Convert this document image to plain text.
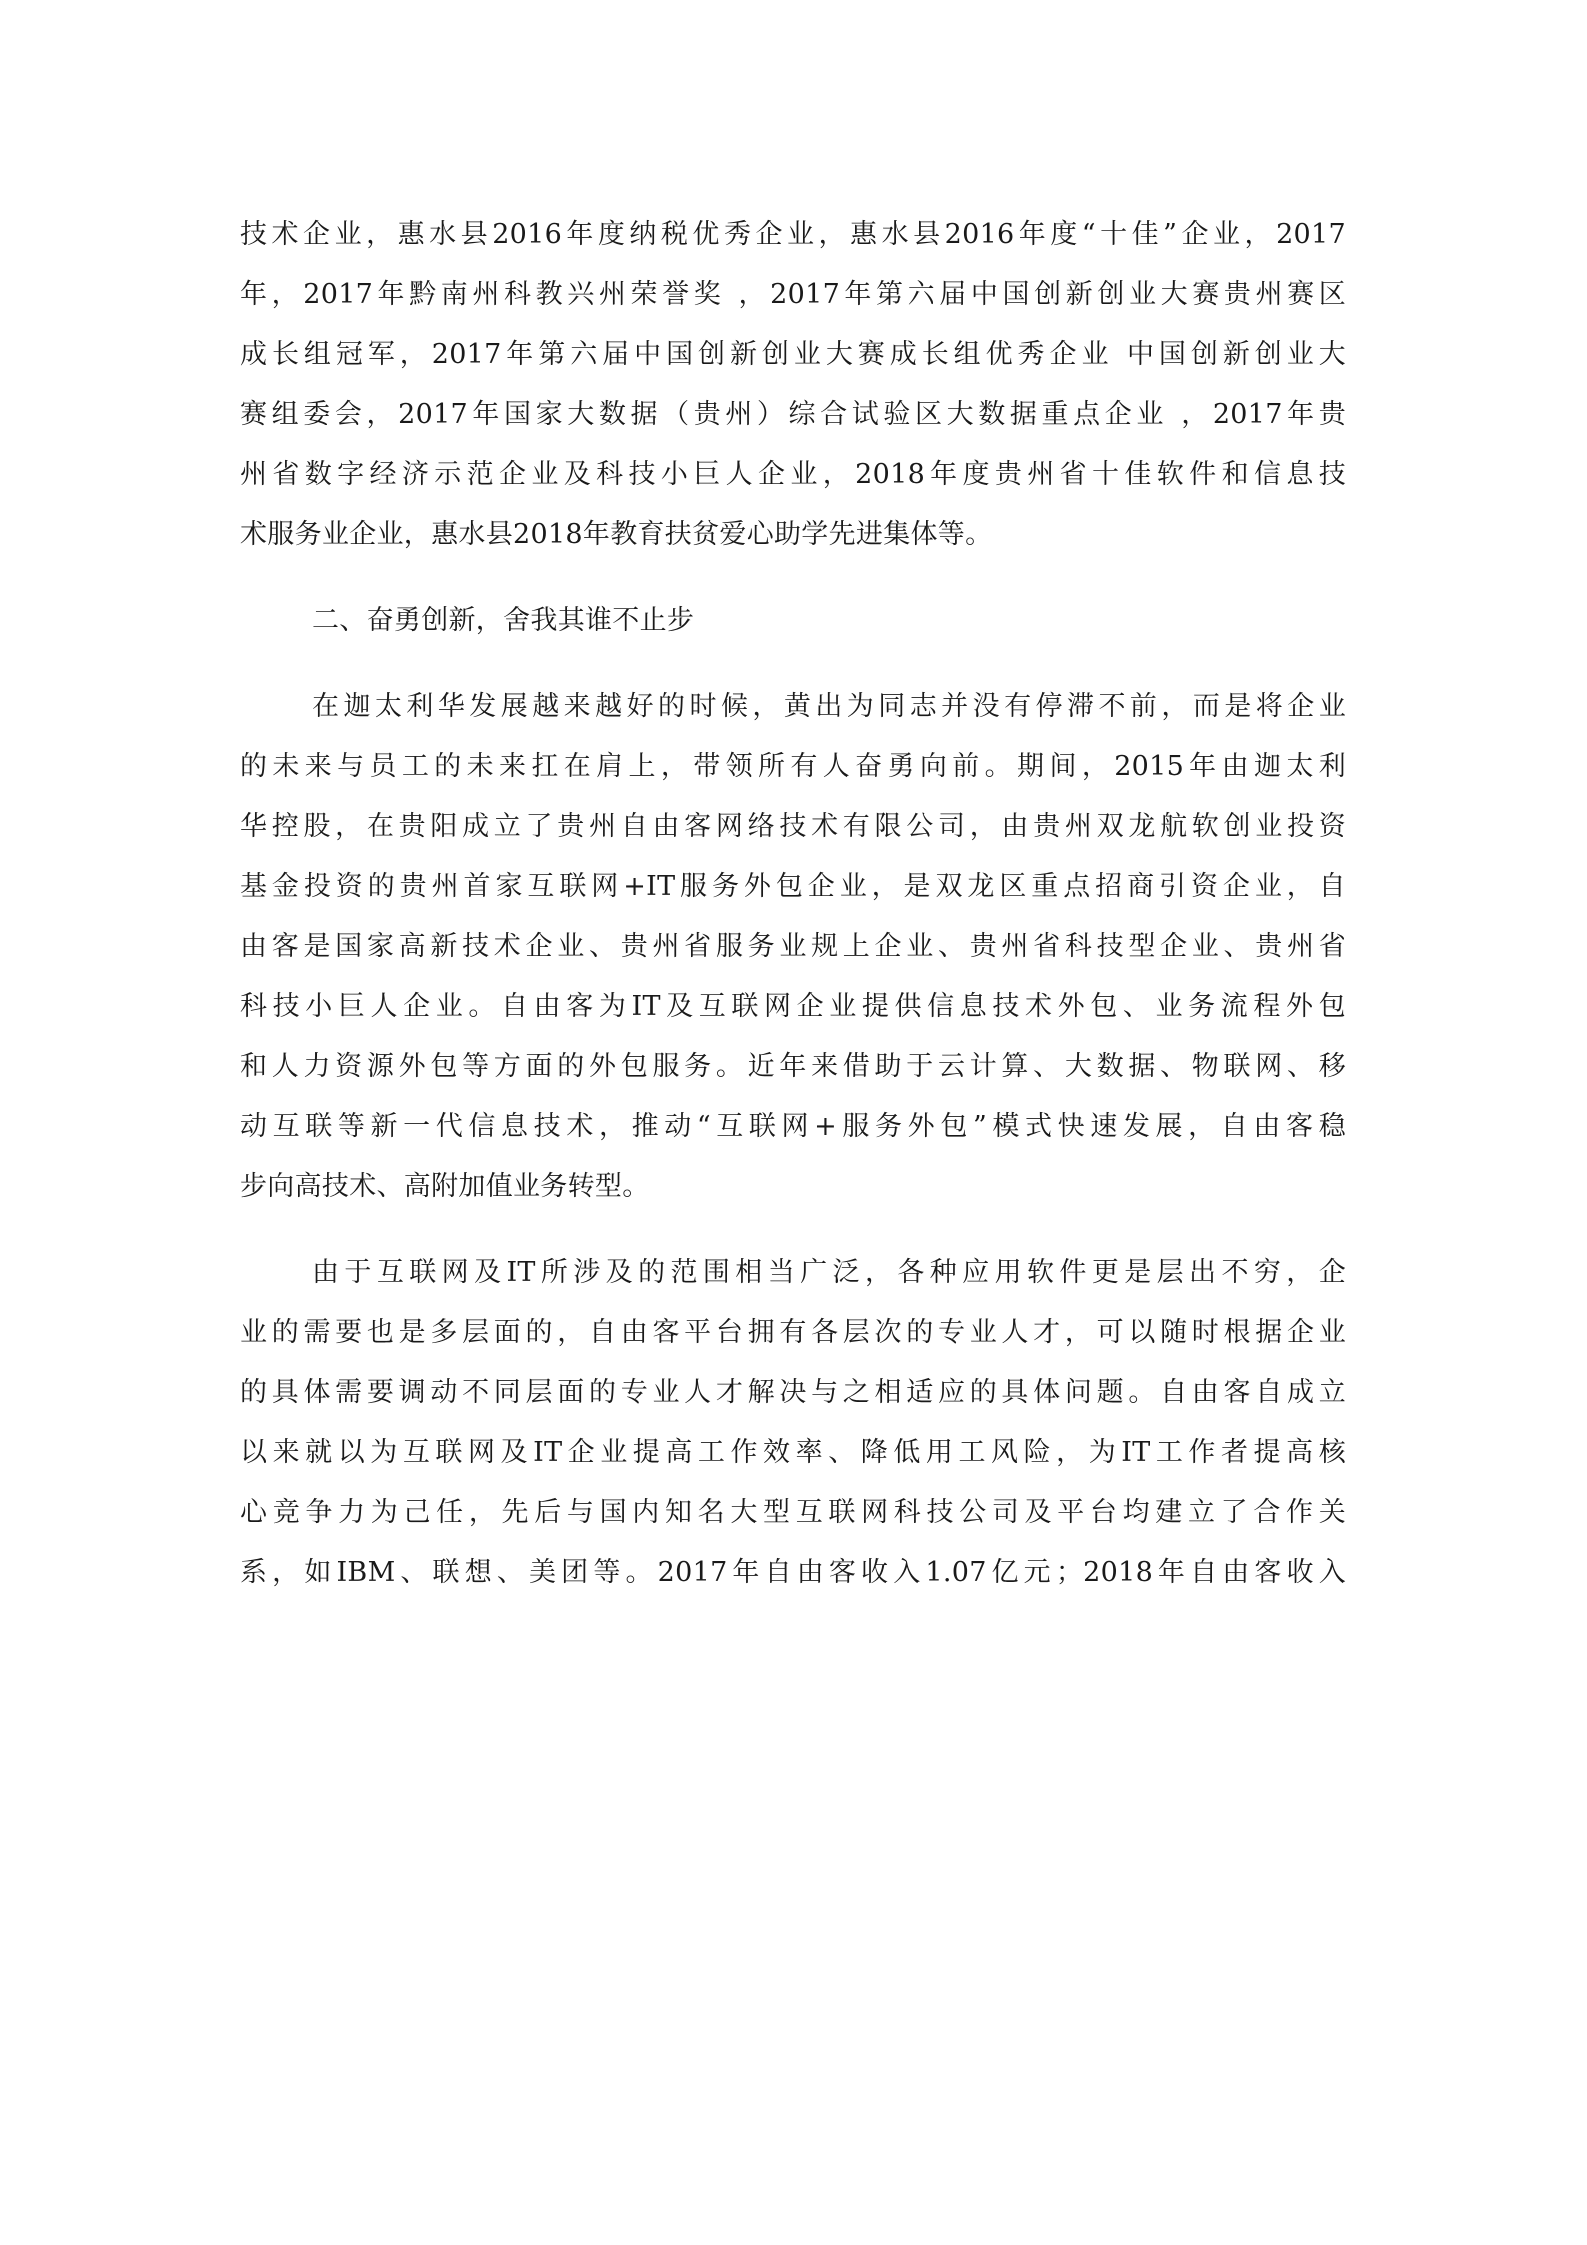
技术企业，惠水县2016年度纳税优秀企业，惠水县2016年度“十佳”企业，2017
年，2017年黔南州科教兴州荣誉奖 ，2017年第六届中国创新创业大赛贵州赛区
成长组冠军，2017年第六届中国创新创业大赛成长组优秀企业 中国创新创业大
赛组委会，2017年国家大数据（贵州）综合试验区大数据重点企业 ，2017年贵
州省数字经济示范企业及科技小巨人企业，2018年度贵州省十佳软件和信息技
术服务业企业，惠水县2018年教育扶贫爱心助学先进集体等。
二、奋勇创新，舍我其谁不止步
在迦太利华发展越来越好的时候，黄出为同志并没有停滞不前，而是将企业
的未来与员工的未来扛在肩上，带领所有人奋勇向前。期间，2015年由迦太利
华控股，在贵阳成立了贵州自由客网络技术有限公司，由贵州双龙航软创业投资
基金投资的贵州首家互联网+IT服务外包企业，是双龙区重点招商引资企业，自
由客是国家高新技术企业、贵州省服务业规上企业、贵州省科技型企业、贵州省
科技小巨人企业。自由客为IT及互联网企业提供信息技术外包、业务流程外包
和人力资源外包等方面的外包服务。近年来借助于云计算、大数据、物联网、移
动互联等新一代信息技术，推动“互联网+服务外包”模式快速发展，自由客稳
步向高技术、高附加值业务转型。
由于互联网及IT所涉及的范围相当广泛，各种应用软件更是层出不穷，企
业的需要也是多层面的，自由客平台拥有各层次的专业人才，可以随时根据企业
的具体需要调动不同层面的专业人才解决与之相适应的具体问题。自由客自成立
以来就以为互联网及IT企业提高工作效率、降低用工风险，为IT工作者提高核
心竞争力为己任，先后与国内知名大型互联网科技公司及平台均建立了合作关
系，如IBM、联想、美团等。2017年自由客收入1.07亿元；2018年自由客收入
